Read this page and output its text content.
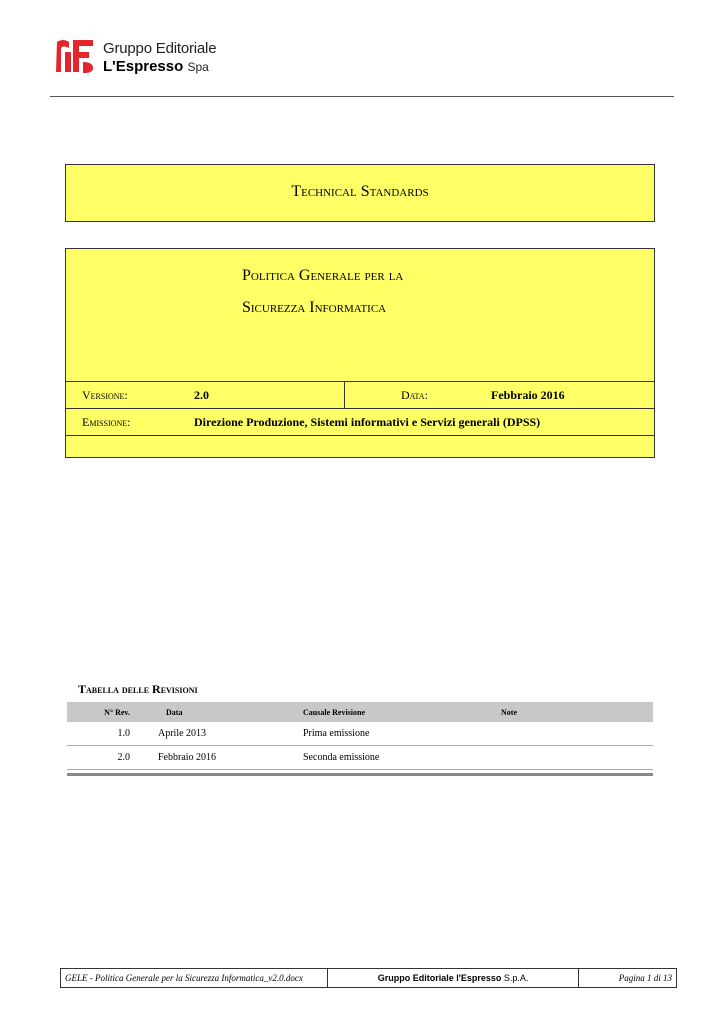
Gruppo Editoriale
L'Espresso Spa
Technical Standards
Politica Generale per la
Sicurezza Informatica
	Versione:	2.0		Data:	Febbraio 2016
	Emissione:	Direzione Produzione, Sistemi informativi e Servizi generali (DPSS)			

Tabella delle Revisioni
N° Rev.	Data	Causale Revisione	Note
1.0	Aprile 2013	Prima emissione	
2.0	Febbraio 2016	Seconda emissione	
GELE - Politica Generale per la Sicurezza Informatica_v2.0.docx	Gruppo Editoriale l'Espresso S.p.A.	Pagina 1 di 13
